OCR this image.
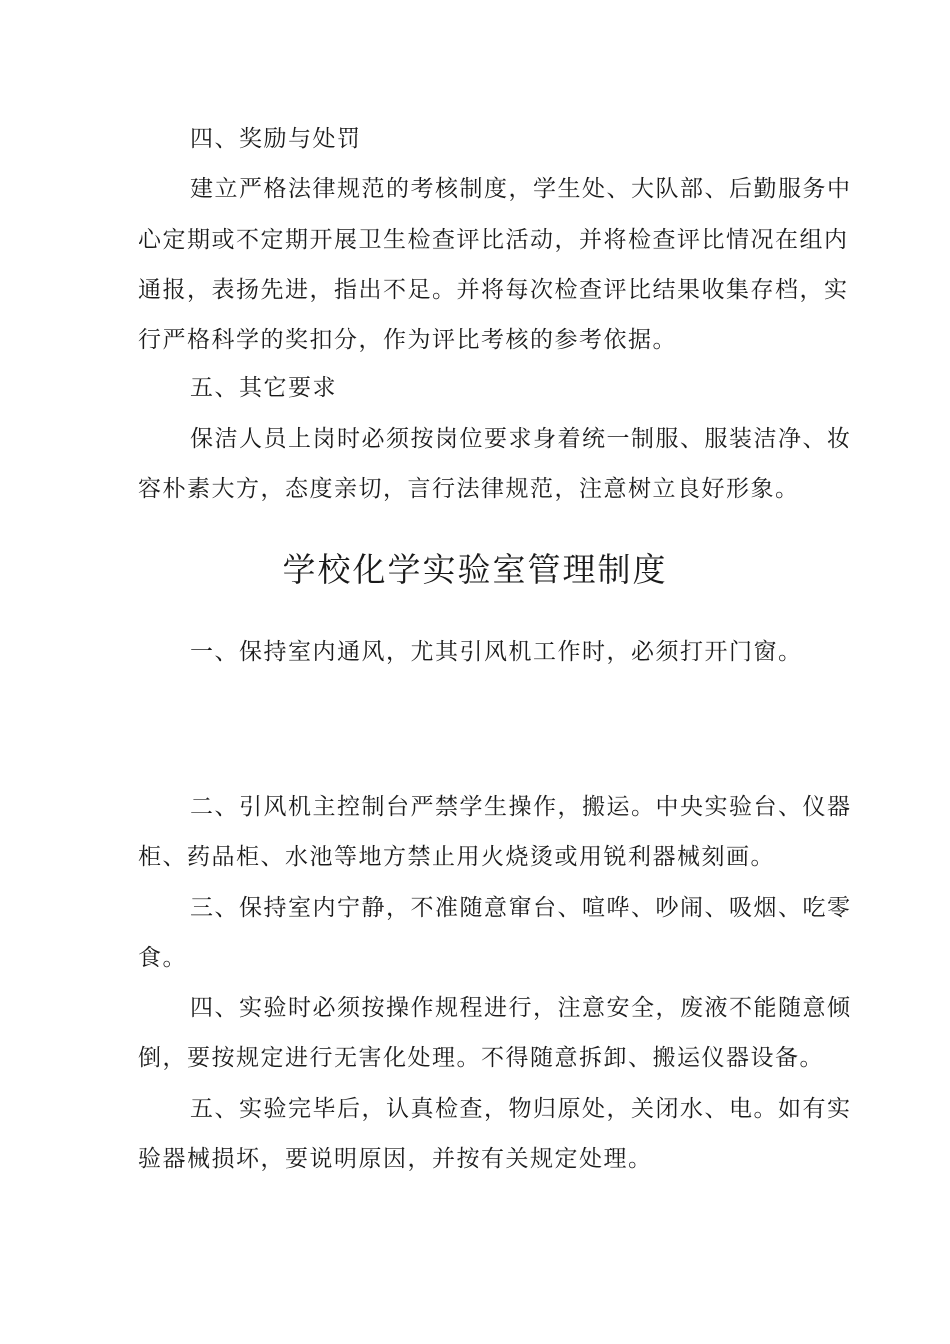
四、奖励与处罚
建立严格法律规范的考核制度，学生处、大队部、后勤服务中
心定期或不定期开展卫生检查评比活动，并将检查评比情况在组内
通报，表扬先进，指出不足。并将每次检查评比结果收集存档，实
行严格科学的奖扣分，作为评比考核的参考依据。
五、其它要求
保洁人员上岗时必须按岗位要求身着统一制服、服装洁净、妆
容朴素大方，态度亲切，言行法律规范，注意树立良好形象。
学校化学实验室管理制度
一、保持室内通风，尤其引风机工作时，必须打开门窗。
二、引风机主控制台严禁学生操作，搬运。中央实验台、仪器
柜、药品柜、水池等地方禁止用火烧烫或用锐利器械刻画。
三、保持室内宁静，不准随意窜台、喧哗、吵闹、吸烟、吃零
食。
四、实验时必须按操作规程进行，注意安全，废液不能随意倾
倒，要按规定进行无害化处理。不得随意拆卸、搬运仪器设备。
五、实验完毕后，认真检查，物归原处，关闭水、电。如有实
验器械损坏，要说明原因，并按有关规定处理。
